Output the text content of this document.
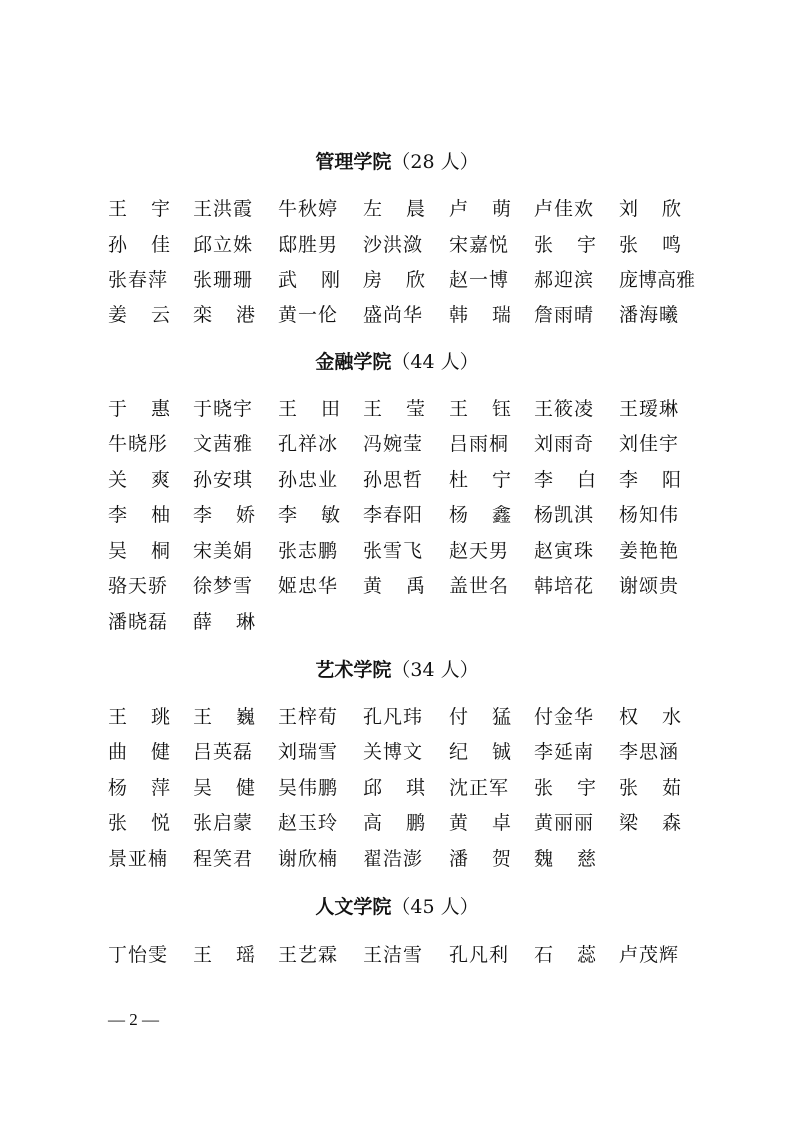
管理学院（28 人）
金融学院（44 人）
艺术学院（34 人）
人文学院（45 人）
王 宇 王洪霞 牛秋婷 左 晨 卢 萌 卢佳欢 刘 欣
孙 佳 邱立姝 邸胜男 沙洪潋 宋嘉悦 张 宇 张 鸣
张春萍 张珊珊 武 刚 房 欣 赵一博 郝迎滨 庞博高雅
姜 云 栾 港 黄一伦 盛尚华 韩 瑞 詹雨晴 潘海曦
于 惠 于晓宇 王 田 王 莹 王 钰 王筱凌 王瑷琳
牛晓彤 文茜雅 孔祥冰 冯婉莹 吕雨桐 刘雨奇 刘佳宇
关 爽 孙安琪 孙忠业 孙思哲 杜 宁 李 白 李 阳
李 柚 李 娇 李 敏 李春阳 杨 鑫 杨凯淇 杨知伟
吴 桐 宋美娟 张志鹏 张雪飞 赵天男 赵寅珠 姜艳艳
骆天骄 徐梦雪 姬忠华 黄 禹 盖世名 韩培花 谢颂贵
潘晓磊 薛 琳
王 珧 王 巍 王梓荀 孔凡玮 付 猛 付金华 权 水
曲 健 吕英磊 刘瑞雪 关博文 纪 铖 李延南 李思涵
杨 萍 吴 健 吴伟鹏 邱 琪 沈正军 张 宇 张 茹
张 悦 张启蒙 赵玉玲 高 鹏 黄 卓 黄丽丽 梁 森
景亚楠 程笑君 谢欣楠 翟浩澎 潘 贺 魏 慈
丁怡雯 王 瑶 王艺霖 王洁雪 孔凡利 石 蕊 卢茂辉
— 2 —
